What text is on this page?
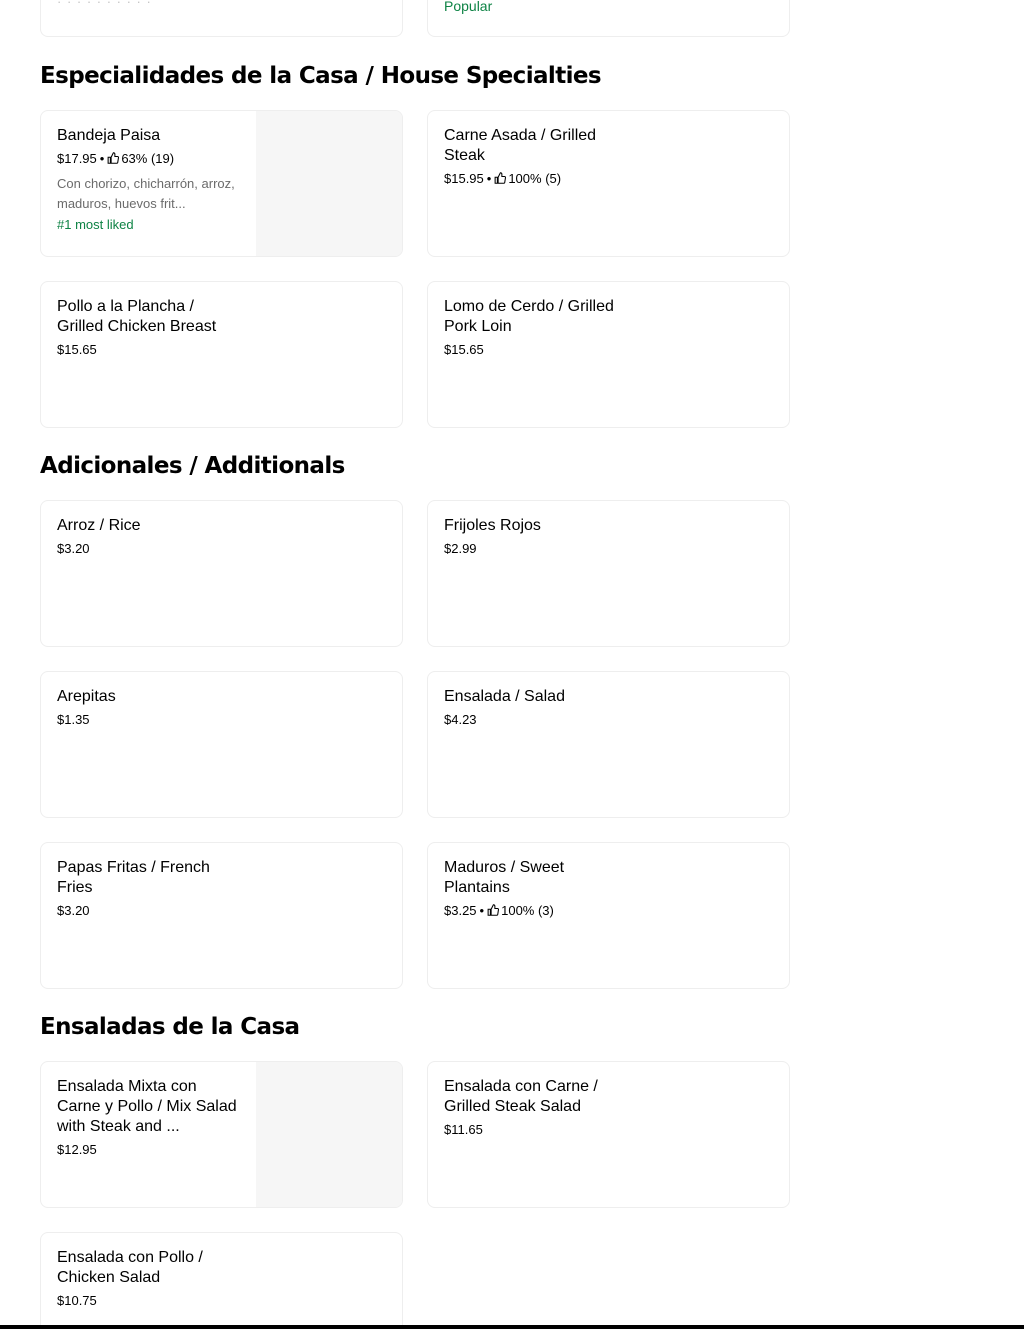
· · · · · · · · · ·	Popular
Especialidades de la Casa / House Specialties
Bandeja Paisa
$17.95 • 63% (19)
Con chorizo, chicharrón, arroz, maduros, huevos frit...
#1 most liked
Carne Asada / Grilled Steak
$15.95 • 100% (5)
Pollo a la Plancha / Grilled Chicken Breast
$15.65
Lomo de Cerdo / Grilled Pork Loin
$15.65
Adicionales / Additionals
Arroz / Rice
$3.20
Frijoles Rojos
$2.99
Arepitas
$1.35
Ensalada / Salad
$4.23
Papas Fritas / French Fries
$3.20
Maduros / Sweet Plantains
$3.25 • 100% (3)
Ensaladas de la Casa
Ensalada Mixta con Carne y Pollo / Mix Salad with Steak and ...
$12.95
Ensalada con Carne / Grilled Steak Salad
$11.65
Ensalada con Pollo / Chicken Salad
$10.75
